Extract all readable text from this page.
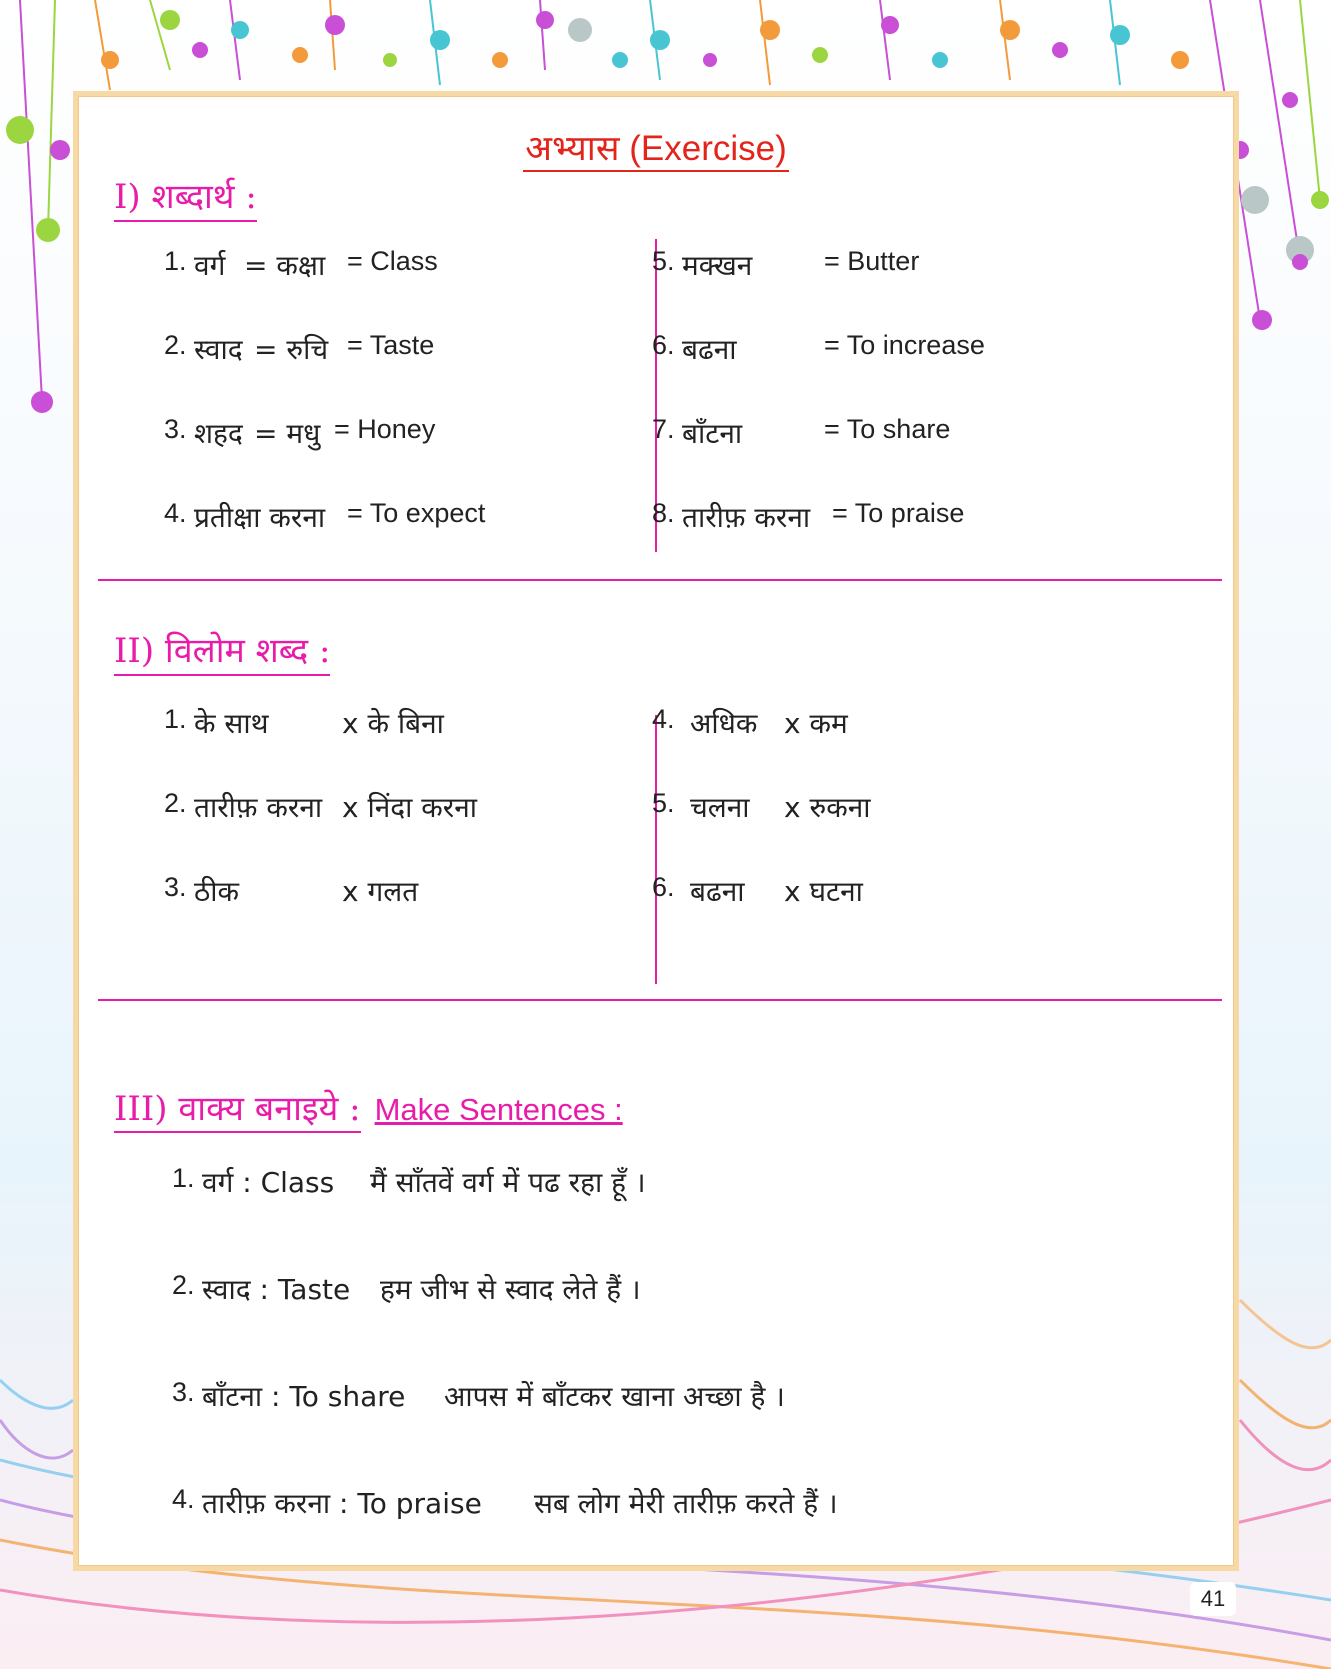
अभ्यास (Exercise)
I) शब्दार्थ :
1. वर्ग = कक्षा = Class
2. स्वाद = रुचि = Taste
3. शहद = मधु = Honey
4. प्रतीक्षा करना = To expect
5. मक्खन	= Butter
6. बढना	= To increase
7. बाँटना	= To share
8. तारीफ़ करना = To praise
II) विलोम शब्द :
1. के साथ	x के बिना
2. तारीफ़ करना x निंदा करना
3. ठीक	x गलत
4. अधिक x कम
5. चलना x रुकना
6. बढना x घटना
III) वाक्य बनाइये : Make Sentences :
1. वर्ग : Class मैं साँतवें वर्ग में पढ रहा हूँ ।
2. स्वाद : Taste हम जीभ से स्वाद लेते हैं ।
3. बाँटना : To share आपस में बाँटकर खाना अच्छा है ।
4. तारीफ़ करना : To praise सब लोग मेरी तारीफ़ करते हैं ।
41
